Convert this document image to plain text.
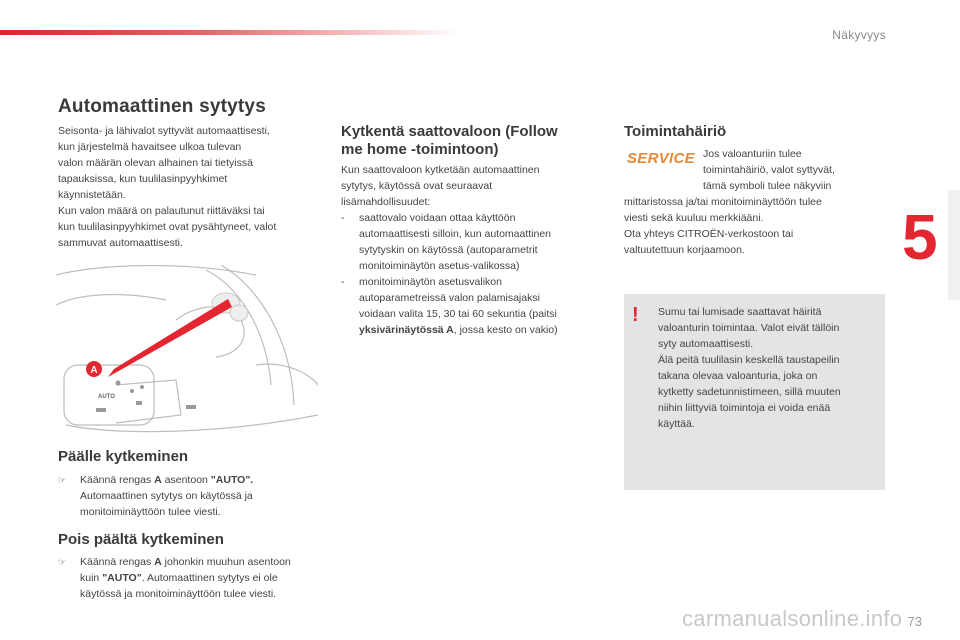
Näkyvyys
5
Automaattinen sytytys

Seisonta- ja lähivalot syttyvät automaattisesti,

kun järjestelmä havaitsee ulkoa tulevan

valon määrän olevan alhainen tai tietyissä

tapauksissa, kun tuulilasinpyyhkimet

käynnistetään.

Kun valon määrä on palautunut riittäväksi tai

kun tuulilasinpyyhkimet ovat pysähtyneet, valot

sammuvat automaattisesti.

A
AUTO
Päälle kytkeminen
☞ Käännä rengas A asentoon "AUTO".
Automaattinen sytytys on käytössä ja
monitoiminäyttöön tulee viesti.
Pois päältä kytkeminen
☞ Käännä rengas A johonkin muuhun asentoon
kuin "AUTO". Automaattinen sytytys ei ole
käytössä ja monitoiminäyttöön tulee viesti.
Kytkentä saattovaloon (Follow
me home -toimintoon)

Kun saattovaloon kytketään automaattinen

sytytys, käytössä ovat seuraavat

lisämahdollisuudet:

- saattovalo voidaan ottaa käyttöön
automaattisesti silloin, kun automaattinen
sytytyskin on käytössä (autoparametrit
monitoiminäytön asetus-valikossa)
- monitoiminäytön asetusvalikon
autoparametreissä valon palamisajaksi
voidaan valita 15, 30 tai 60 sekuntia (paitsi
yksivärinäytössä A, jossa kesto on vakio)
Toimintahäiriö
SERVICE Jos valoanturiin tulee

toimintahäiriö, valot syttyvät,

tämä symboli tulee näkyviin

mittaristossa ja/tai monitoiminäyttöön tulee

viesti sekä kuuluu merkkiääni.

Ota yhteys CITROËN-verkostoon tai

valtuutettuun korjaamoon.

! Sumu tai lumisade saattavat häiritä

valoanturin toimintaa. Valot eivät tällöin

syty automaattisesti.

Älä peitä tuulilasin keskellä taustapeilin

takana olevaa valoanturia, joka on

kytketty sadetunnistimeen, sillä muuten

niihin liittyviä toimintoja ei voida enää

käyttää.

carmanualsonline.info 73
